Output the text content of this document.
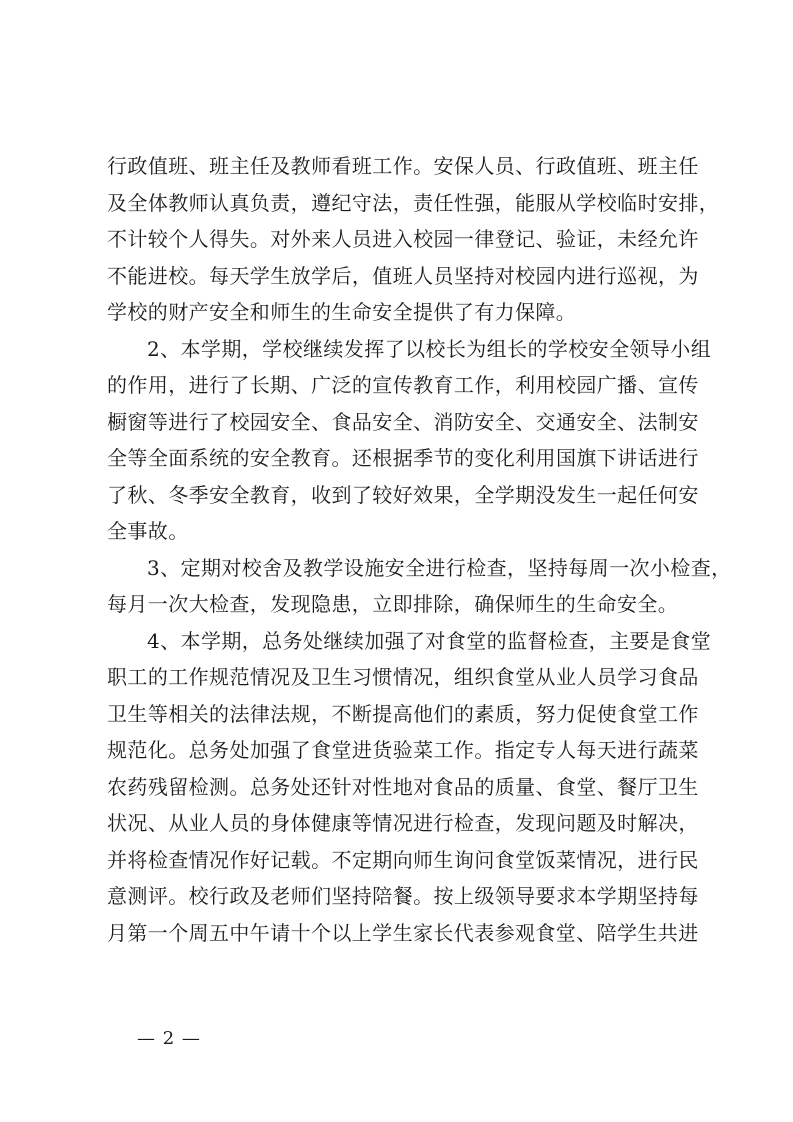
行 政 值 班 、 班 主 任 及 教 师 看 班 工 作 。 安 保 人 员 、 行 政 值 班 、 班 主 任
及 全 体 教 师 认 真 负 责 ， 遵 纪 守 法 ， 责 任 性 强 ， 能 服 从 学 校 临 时 安 排 ，
不 计 较 个 人 得 失 。 对 外 来 人 员 进 入 校 园 一 律 登 记 、 验 证 ， 未 经 允 许
不 能 进 校 。 每 天 学 生 放 学 后 ， 值 班 人 员 坚 持 对 校 园 内 进 行 巡 视 ， 为
学校的财产安全和师生的生命安全提供了有力保障。
2 、 本 学 期 ， 学 校 继 续 发 挥 了 以 校 长 为 组 长 的 学 校 安 全 领 导 小 组
的 作 用 ， 进 行 了 长 期 、 广 泛 的 宣 传 教 育 工 作 ， 利 用 校 园 广 播 、 宣 传
橱 窗 等 进 行 了 校 园 安 全 、 食 品 安 全 、 消 防 安 全 、 交 通 安 全 、 法 制 安
全 等 全 面 系 统 的 安 全 教 育 。 还 根 据 季 节 的 变 化 利 用 国 旗 下 讲 话 进 行
了 秋 、 冬 季 安 全 教 育 ， 收 到 了 较 好 效 果 ， 全 学 期 没 发 生 一 起 任 何 安
全事故。
3 、 定 期 对 校 舍 及 教 学 设 施 安 全 进 行 检 查 ， 坚 持 每 周 一 次 小 检 查 ，
每月一次大检查，发现隐患，立即排除，确保师生的生命安全。
4 、 本 学 期 ， 总 务 处 继 续 加 强 了 对 食 堂 的 监 督 检 查 ， 主 要 是 食 堂
职 工 的 工 作 规 范 情 况 及 卫 生 习 惯 情 况 ， 组 织 食 堂 从 业 人 员 学 习 食 品
卫 生 等 相 关 的 法 律 法 规 ， 不 断 提 高 他 们 的 素 质 ， 努 力 促 使 食 堂 工 作
规 范 化 。 总 务 处 加 强 了 食 堂 进 货 验 菜 工 作 。 指 定 专 人 每 天 进 行 蔬 菜
农 药 残 留 检 测 。 总 务 处 还 针 对 性 地 对 食 品 的 质 量 、 食 堂 、 餐 厅 卫 生
状 况 、 从 业 人 员 的 身 体 健 康 等 情 况 进 行 检 查 ， 发 现 问 题 及 时 解 决 ，
并 将 检 查 情 况 作 好 记 载 。 不 定 期 向 师 生 询 问 食 堂 饭 菜 情 况 ， 进 行 民
意 测 评 。 校 行 政 及 老 师 们 坚 持 陪 餐 。 按 上 级 领 导 要 求 本 学 期 坚 持 每
月第一个周五中午请十个以上学生家长代表参观食堂、陪学生共进
— 2 —
